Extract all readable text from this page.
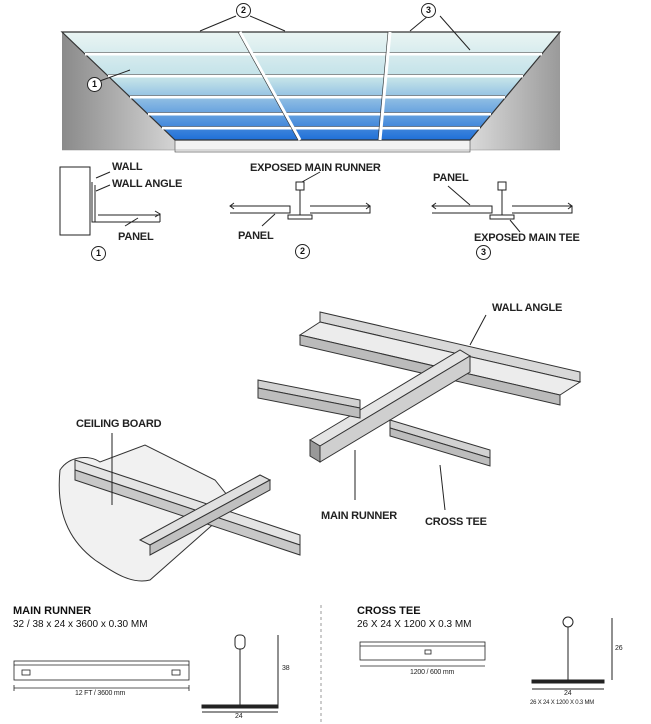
2	3
1
WALL
WALL ANGLE
PANEL
1
EXPOSED MAIN RUNNER
PANEL
2
PANEL
EXPOSED MAIN TEE
3
WALL ANGLE
CEILING BOARD
MAIN RUNNER	CROSS TEE
MAIN RUNNER
32 / 38 x 24 x 3600 x 0.30 MM
12 FT / 3600 mm
38
24
CROSS TEE
26 X 24 X 1200 X 0.3 MM
1200 / 600 mm
26
24
26 X 24 X 1200 X 0.3 MM
